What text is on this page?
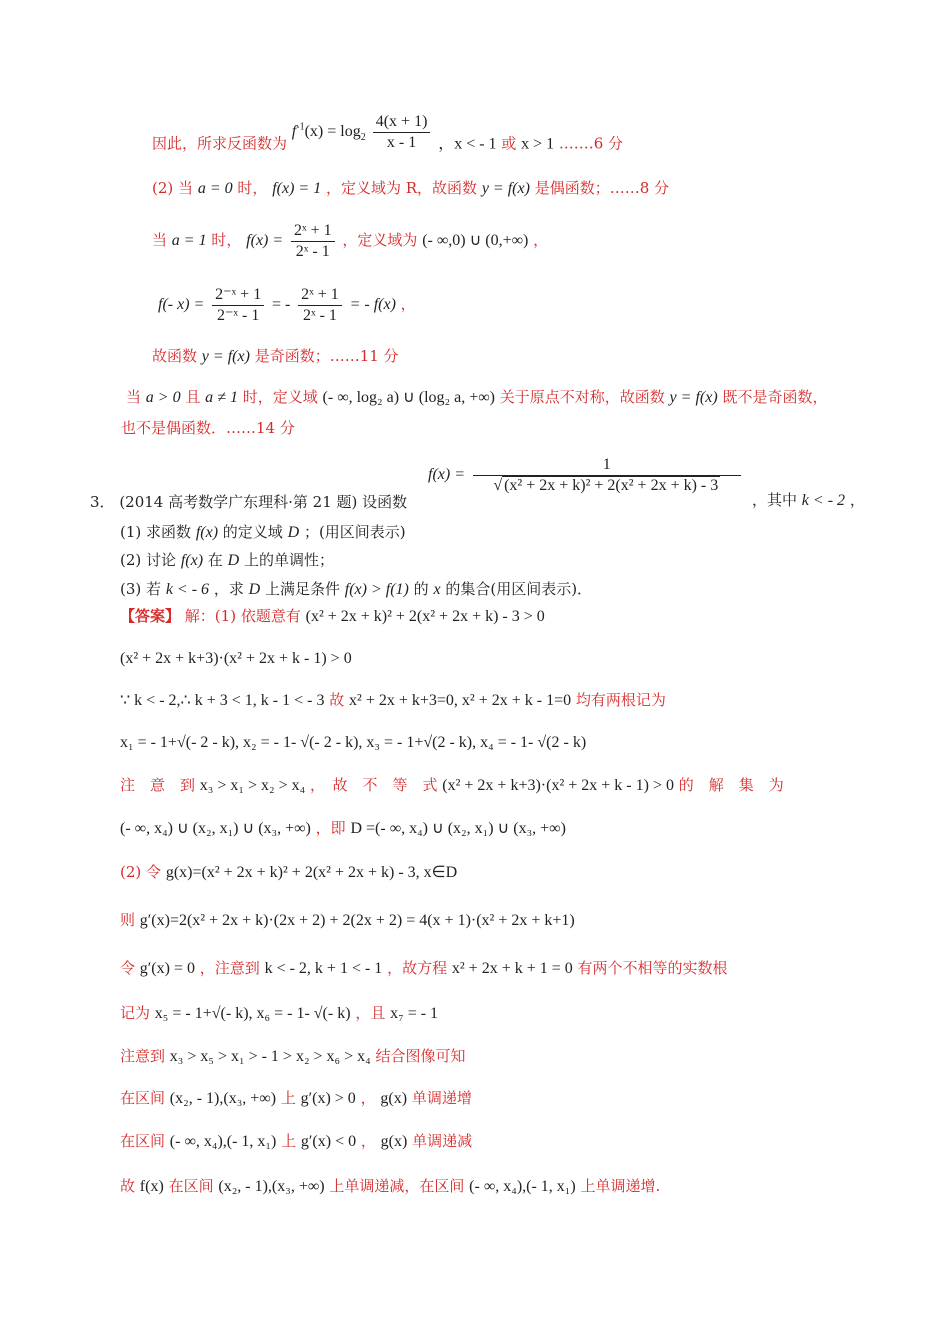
因此，所求反函数为 $f^{-1}(x) = \log_2 \frac{4(x + 1)}{x - 1}$ ，x < - 1 或 x > 1 .……6 分
(2) 当 a = 0 时， f(x) = 1 ，定义域为 R，故函数 y = f(x) 是偶函数；……8 分
当 a = 1 时， $f(x) = \frac{\text{2ˣ + 1}}{\text{2ˣ - 1}}$ ，定义域为 (- ∞,0) ∪ (0,+∞) ，
f(- $x) = \frac{\text{2⁻ˣ + 1}}{\text{2⁻ˣ - 1}}$ = - $\frac{\text{2ˣ + 1}}{\text{2ˣ - 1}}$ = - f(x) ，
故函数 y = f(x) 是奇函数；……11 分
当 a > 0 且 a ≠ 1 时，定义域 (- ∞, log₂ a) ∪ (log₂ a, +∞) 关于原点不对称，故函数 y = f(x) 既不是奇函数，
也不是偶函数．……14 分
$f(x) = \frac{1}{\text{√ (x² + 2x + k)² + 2(x² + 2x + k) - 3}}$
3． (2014 高考数学广东理科·第 21 题) 设函数	，其中 k < - 2 ，
(1) 求函数 f(x) 的定义域 D ；(用区间表示)
(2) 讨论 f(x) 在 D 上的单调性；
(3) 若 k < - 6 ，求 D 上满足条件 f(x) > f(1) 的 x 的集合(用区间表示)．
【答案】 解：(1) 依题意有 (x² + 2x + k)² + 2(x² + 2x + k) - 3 > 0
(x² + 2x + k+3)·(x² + 2x + k - 1) > 0
∵ k < - 2,∴ k + 3 < 1, k - 1 < - 3 故 x² + 2x + k+3=0, x² + 2x + k - 1=0 均有两根记为
x₁ = - 1+√(- 2 - k), x₂ = - 1- √(- 2 - k), x₃ = - 1+√(2 - k), x₄ = - 1- √(2 - k)
注　意　到 x₃ > x₁ > x₂ > x₄ ，　故　不　等　式 (x² + 2x + k+3)·(x² + 2x + k - 1) > 0 的　解　集　为
(- ∞, x₄) ∪ (x₂, x₁) ∪ (x₃, +∞) ，即 D =(- ∞, x₄) ∪ (x₂, x₁) ∪ (x₃, +∞)
(2) 令 g(x)=(x² + 2x + k)² + 2(x² + 2x + k) - 3, x∈D
则 g′(x)=2(x² + 2x + k)·(2x + 2) + 2(2x + 2) = 4(x + 1)·(x² + 2x + k+1)
令 g′(x) = 0 ，注意到 k < - 2, k + 1 < - 1 ，故方程 x² + 2x + k + 1 = 0 有两个不相等的实数根
记为 x₅ = - 1+√(- k), x₆ = - 1- √(- k) ，且 x₇ = - 1
注意到 x₃ > x₅ > x₁ > - 1 > x₂ > x₆ > x₄ 结合图像可知
在区间 (x₂, - 1),(x₃, +∞) 上 g′(x) > 0 ， g(x) 单调递增
在区间 (- ∞, x₄),(- 1, x₁) 上 g′(x) < 0 ， g(x) 单调递减
故 f(x) 在区间 (x₂, - 1),(x₃, +∞) 上单调递减，在区间 (- ∞, x₄),(- 1, x₁) 上单调递增.
